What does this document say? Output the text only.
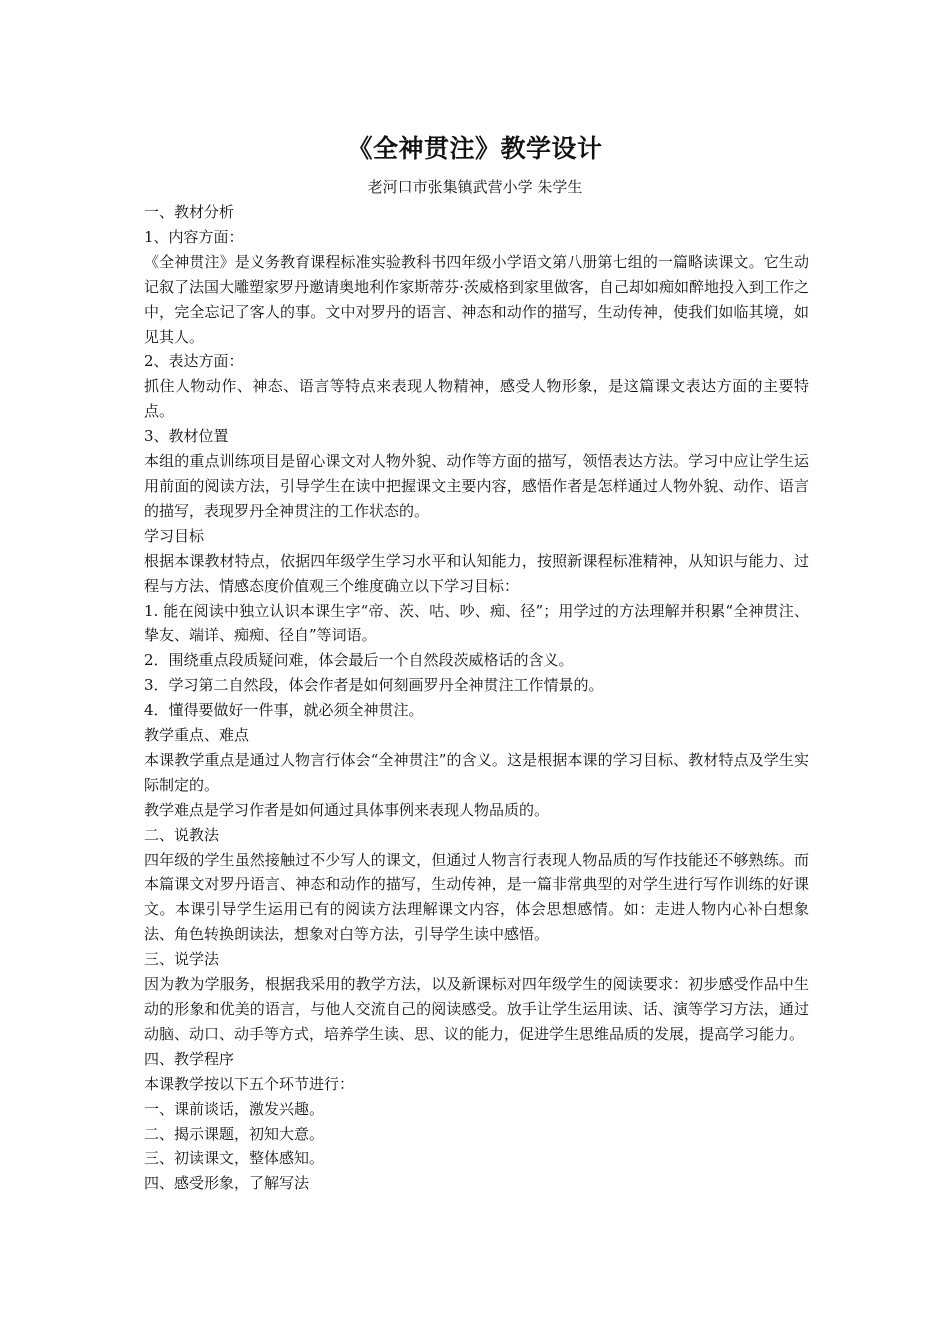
《全神贯注》教学设计
老河口市张集镇武营小学 朱学生

一、教材分析

1、内容方面：

《全神贯注》是义务教育课程标准实验教科书四年级小学语文第八册第七组的一篇略读课文。它生动记叙了法国大雕塑家罗丹邀请奥地利作家斯蒂芬·茨威格到家里做客，自己却如痴如醉地投入到工作之中，完全忘记了客人的事。文中对罗丹的语言、神态和动作的描写，生动传神，使我们如临其境，如见其人。

2、表达方面：

抓住人物动作、神态、语言等特点来表现人物精神，感受人物形象，是这篇课文表达方面的主要特点。

3、教材位置

本组的重点训练项目是留心课文对人物外貌、动作等方面的描写，领悟表达方法。学习中应让学生运用前面的阅读方法，引导学生在读中把握课文主要内容，感悟作者是怎样通过人物外貌、动作、语言的描写，表现罗丹全神贯注的工作状态的。

学习目标

根据本课教材特点，依据四年级学生学习水平和认知能力，按照新课程标准精神，从知识与能力、过程与方法、情感态度价值观三个维度确立以下学习目标：

1. 能在阅读中独立认识本课生字“帝、茨、咕、吵、痴、径”；用学过的方法理解并积累“全神贯注、挚友、端详、痴痴、径自”等词语。

2．围绕重点段质疑问难，体会最后一个自然段茨威格话的含义。

3．学习第二自然段，体会作者是如何刻画罗丹全神贯注工作情景的。

4．懂得要做好一件事，就必须全神贯注。

教学重点、难点

本课教学重点是通过人物言行体会“全神贯注”的含义。这是根据本课的学习目标、教材特点及学生实际制定的。

教学难点是学习作者是如何通过具体事例来表现人物品质的。

二、说教法

四年级的学生虽然接触过不少写人的课文，但通过人物言行表现人物品质的写作技能还不够熟练。而本篇课文对罗丹语言、神态和动作的描写，生动传神，是一篇非常典型的对学生进行写作训练的好课文。本课引导学生运用已有的阅读方法理解课文内容，体会思想感情。如：走进人物内心补白想象法、角色转换朗读法，想象对白等方法，引导学生读中感悟。

三、说学法

因为教为学服务，根据我采用的教学方法，以及新课标对四年级学生的阅读要求：初步感受作品中生动的形象和优美的语言，与他人交流自己的阅读感受。放手让学生运用读、话、演等学习方法，通过动脑、动口、动手等方式，培养学生读、思、议的能力，促进学生思维品质的发展，提高学习能力。

四、教学程序

本课教学按以下五个环节进行：

一、课前谈话，激发兴趣。

二、揭示课题，初知大意。

三、初读课文，整体感知。

四、感受形象，了解写法
